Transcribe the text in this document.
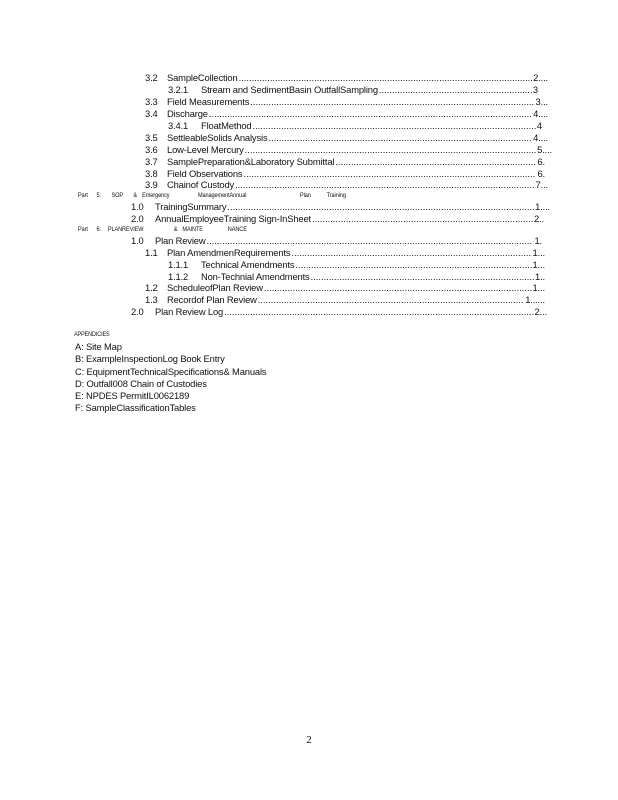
3.2	SampleCollection .....	2 ....
3.2.1	Stream and SedimentBasin OutfallSampling .....	3
3.3	Field Measurements .....	3 ...
3.4	Discharge .....	4 ....
3.4.1	FloatMethod .....	4
3.5	SettleableSolids Analysis .....	4 ....
3.6	Low-Level Mercury .....	5 ....
3.7	SamplePreparation&Laboratory Submittal .....	6 .
3.8	Field Observations .....	6 .
3.9	Chainof Custody .....	7 ...
Part 5: SOP & Emergency	ManagementAnnual	Plan	Training
1.0	TrainingSummary .....	1 ....
2.0	AnnualEmployeeTraining Sign-InSheet .....	2 ..
Part 6: PLANREVIEW	& MAINTE	NANCE
1.0	Plan Review .....	1 .
1.1	Plan AmendmenRequirements .....	1 ...
1.1.1	Technical Amendments .....	1 ...
1.1.2	Non-Technial Amendments .....	1 ..
1.2	ScheduleofPlan Review .....	1 ...
1.3	Recordof Plan Review .....	1 ......
2.0	Plan Review Log .....	2 ...
APPENDICIES
A: Site Map
B: ExampleInspectionLog Book Entry
C: EquipmentTechnicalSpecifications& Manuals
D: Outfall008 Chain of Custodies
E: NPDES PermitIL0062189
F: SampleClassificationTables
2
